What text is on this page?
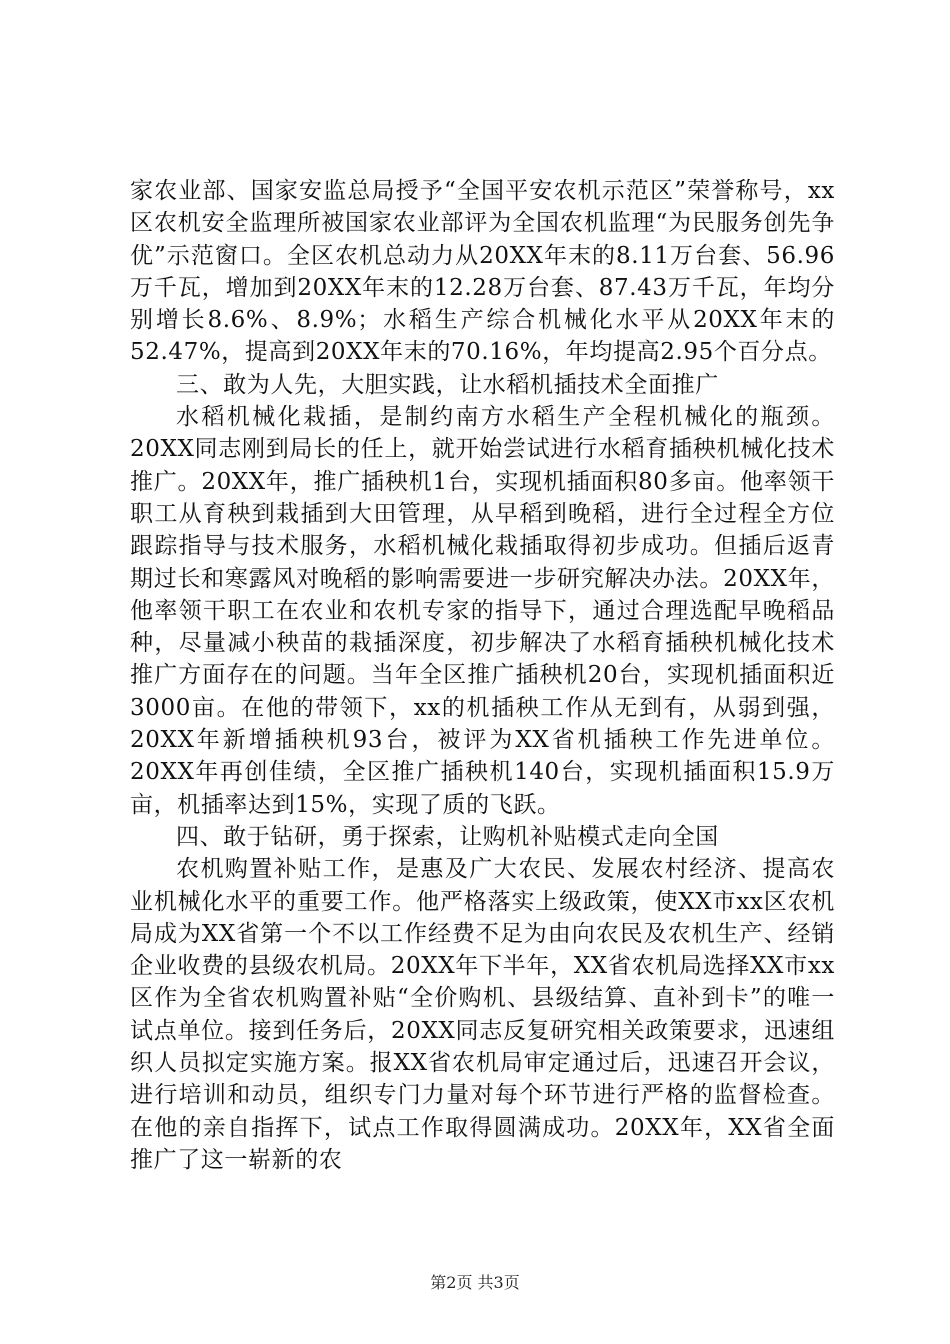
家农业部、国家安监总局授予“全国平安农机示范区”荣誉称号，xx区农机安全监理所被国家农业部评为全国农机监理“为民服务创先争优”示范窗口。全区农机总动力从20XX年末的8.11万台套、56.96万千瓦，增加到20XX年末的12.28万台套、87.43万千瓦，年均分别增长8.6%、8.9%；水稻生产综合机械化水平从20XX年末的52.47%，提高到20XX年末的70.16%，年均提高2.95个百分点。

三、敢为人先，大胆实践，让水稻机插技术全面推广

水稻机械化栽插，是制约南方水稻生产全程机械化的瓶颈。20XX同志刚到局长的任上，就开始尝试进行水稻育插秧机械化技术推广。20XX年，推广插秧机1台，实现机插面积80多亩。他率领干职工从育秧到栽插到大田管理，从早稻到晚稻，进行全过程全方位跟踪指导与技术服务，水稻机械化栽插取得初步成功。但插后返青期过长和寒露风对晚稻的影响需要进一步研究解决办法。20XX年，他率领干职工在农业和农机专家的指导下，通过合理选配早晚稻品种，尽量减小秧苗的栽插深度，初步解决了水稻育插秧机械化技术推广方面存在的问题。当年全区推广插秧机20台，实现机插面积近3000亩。在他的带领下，xx的机插秧工作从无到有，从弱到强，20XX年新增插秧机93台，被评为XX省机插秧工作先进单位。20XX年再创佳绩，全区推广插秧机140台，实现机插面积15.9万亩，机插率达到15%，实现了质的飞跃。

四、敢于钻研，勇于探索，让购机补贴模式走向全国

农机购置补贴工作，是惠及广大农民、发展农村经济、提高农业机械化水平的重要工作。他严格落实上级政策，使XX市xx区农机局成为XX省第一个不以工作经费不足为由向农民及农机生产、经销企业收费的县级农机局。20XX年下半年，XX省农机局选择XX市xx区作为全省农机购置补贴“全价购机、县级结算、直补到卡”的唯一试点单位。接到任务后，20XX同志反复研究相关政策要求，迅速组织人员拟定实施方案。报XX省农机局审定通过后，迅速召开会议，进行培训和动员，组织专门力量对每个环节进行严格的监督检查。在他的亲自指挥下，试点工作取得圆满成功。20XX年，XX省全面推广了这一崭新的农

第2页 共3页
